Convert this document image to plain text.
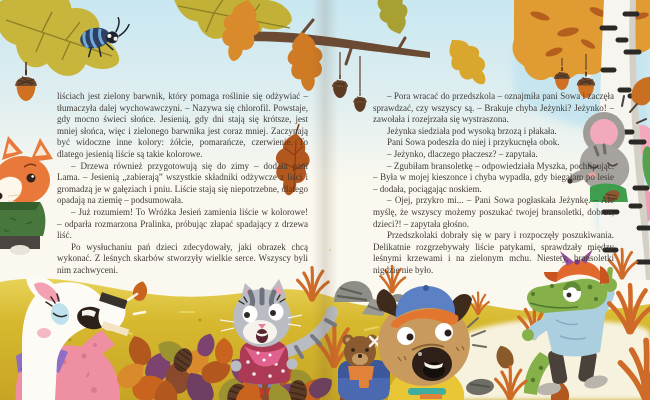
liściach jest zielony barwnik, który pomaga roślinie się odżywiać – tłumaczyła dalej wychowawczyni. – Nazywa się chlorofil. Powstaje, gdy mocno świeci słońce. Jesienią, gdy dni stają się krótsze, jest mniej słońca, więc i zielonego barwnika jest coraz mniej. Zaczynają być widoczne inne kolory: żółcie, pomarańcze, czerwienie. To dlatego jesienią liście są takie kolorowe.

– Drzewa również przygotowują się do zimy – dodała pani Lama. – Jesienią „zabierają” wszystkie składniki odżywcze z liści i gromadzą je w gałęziach i pniu. Liście stają się niepotrzebne, dlatego opadają na ziemię – podsumowała.

– Już rozumiem! To Wróżka Jesień zamienia liście w kolorowe! – odparła rozmarzona Pralinka, próbując złapać spadający z drzewa liść.

Po wysłuchaniu pań dzieci zdecydowały, jaki obrazek chcą wykonać. Z leśnych skarbów stworzyły wielkie serce. Wszyscy byli nim zachwyceni.

– Pora wracać do przedszkola – oznajmiła pani Sowa i zaczęła sprawdzać, czy wszyscy są. – Brakuje chyba Jeżynki? Jeżynko! – zawołała i rozejrzała się wystraszona.

Jeżynka siedziała pod wysoką brzozą i płakała.

Pani Sowa podeszła do niej i przykucnęła obok.

– Jeżynko, dlaczego płaczesz? – zapytała.

– Zgubiłam bransoletkę – odpowiedziała Myszka, pochlipując. – Była w mojej kieszonce i chyba wypadła, gdy biegałam po lesie – dodała, pociągając noskiem.

– Ojej, przykro mi... – Pani Sowa pogłaskała Jeżynkę. – Ale myślę, że wszyscy możemy poszukać twojej bransoletki, dobrze, dzieci?! – zapytała głośno.

Przedszkolaki dobrały się w pary i rozpoczęły poszukiwania. Delikatnie rozgrzebywały liście patykami, sprawdzały między leśnymi krzewami i na zielonym mchu. Niestety, bransoletki nigdzie nie było.
